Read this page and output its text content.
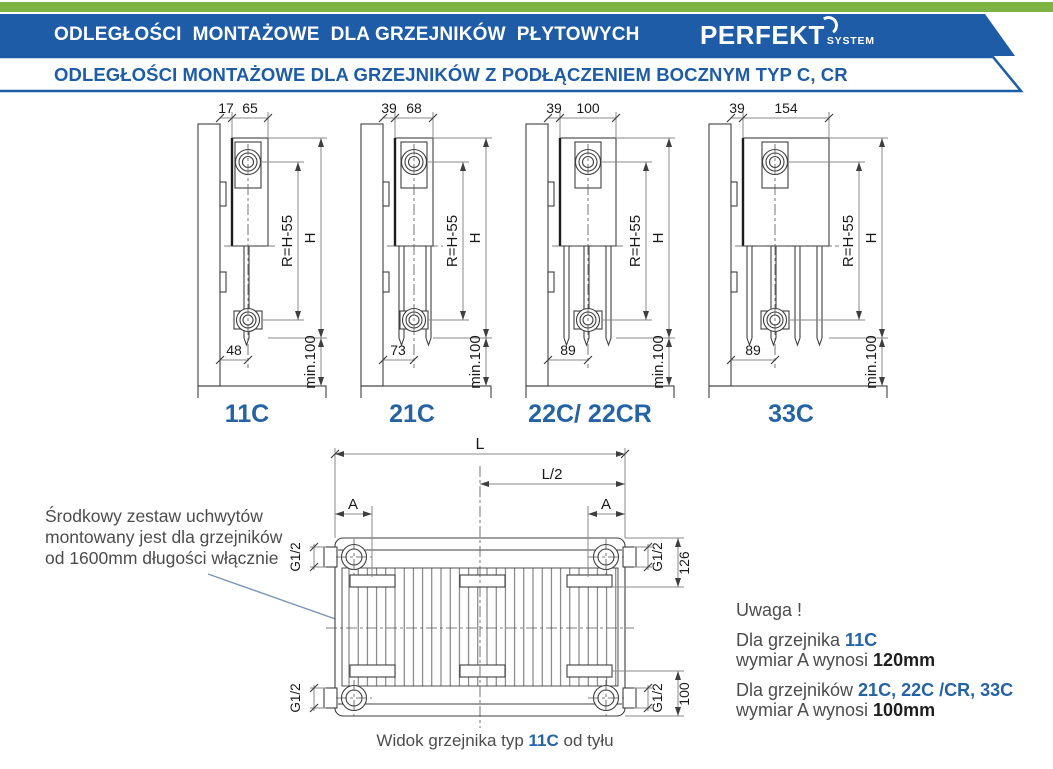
ODLEGŁOŚCI  MONTAŻOWE  DLA GRZEJNIKÓW  PŁYTOWYCH PERFEKT SYSTEM
ODLEGŁOŚCI MONTAŻOWE DLA GRZEJNIKÓW Z PODŁĄCZENIEM BOCZNYM TYP C, CR
17 65
48
R=H-55 H
min.100
39 68
73
R=H-55 H
min.100
39 100
89
R=H-55 H
min.100
39 154
89
R=H-55 H
min.100
11C	21C	22C/ 22CR	33C
L
L/2
A	A
G1/2
G1/2
G1/2
G1/2
126
100
Widok grzejnika typ 11C od tyłu
Środkowy zestaw uchwytów
montowany jest dla grzejników
od 1600mm długości włącznie
Uwaga !
Dla grzejnika 11C
wymiar A wynosi 120mm
Dla grzejników 21C, 22C /CR, 33C
wymiar A wynosi 100mm
